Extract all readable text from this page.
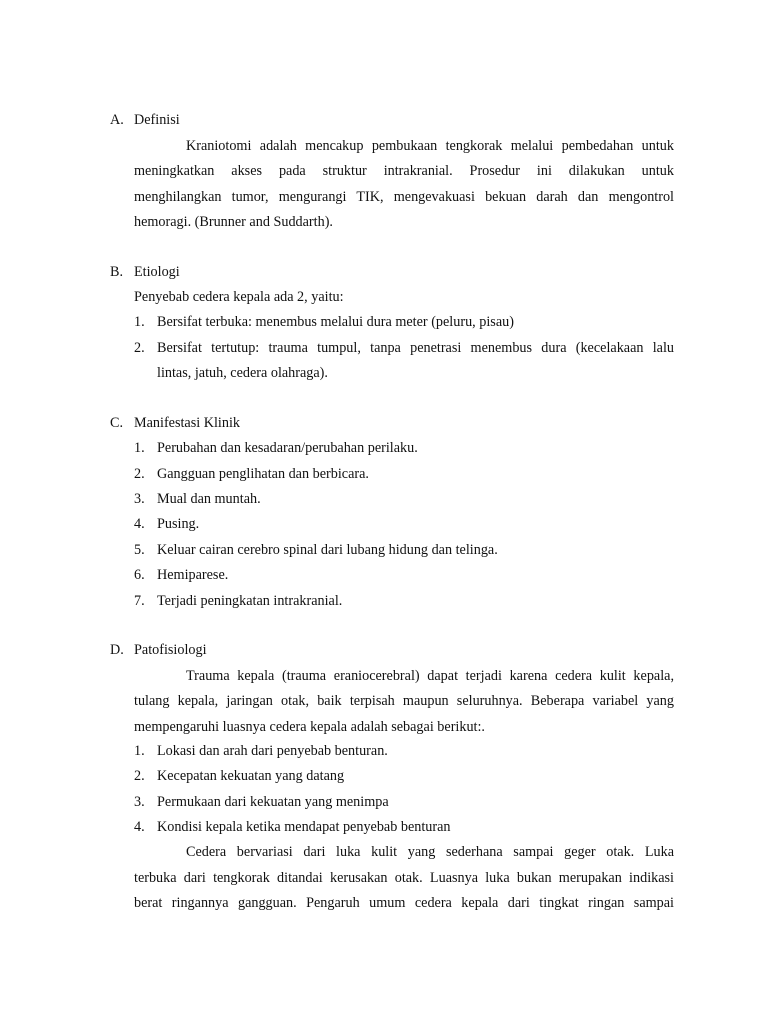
A. Definisi
Kraniotomi adalah mencakup pembukaan tengkorak melalui pembedahan untuk
meningkatkan akses pada struktur intrakranial. Prosedur ini dilakukan untuk
menghilangkan tumor, mengurangi TIK, mengevakuasi bekuan darah dan mengontrol
hemoragi. (Brunner and Suddarth).
B. Etiologi
Penyebab cedera kepala ada 2, yaitu:
1. Bersifat terbuka: menembus melalui dura meter (peluru, pisau)
2. Bersifat tertutup: trauma tumpul, tanpa penetrasi menembus dura (kecelakaan lalu
lintas, jatuh, cedera olahraga).
C. Manifestasi Klinik
1. Perubahan dan kesadaran/perubahan perilaku.
2. Gangguan penglihatan dan berbicara.
3. Mual dan muntah.
4. Pusing.
5. Keluar cairan cerebro spinal dari lubang hidung dan telinga.
6. Hemiparese.
7. Terjadi peningkatan intrakranial.
D. Patofisiologi
Trauma kepala (trauma eraniocerebral) dapat terjadi karena cedera kulit kepala,
tulang kepala, jaringan otak, baik terpisah maupun seluruhnya. Beberapa variabel yang
mempengaruhi luasnya cedera kepala adalah sebagai berikut:.
1. Lokasi dan arah dari penyebab benturan.
2. Kecepatan kekuatan yang datang
3. Permukaan dari kekuatan yang menimpa
4. Kondisi kepala ketika mendapat penyebab benturan
Cedera bervariasi dari luka kulit yang sederhana sampai geger otak. Luka
terbuka dari tengkorak ditandai kerusakan otak. Luasnya luka bukan merupakan indikasi
berat ringannya gangguan. Pengaruh umum cedera kepala dari tingkat ringan sampai
